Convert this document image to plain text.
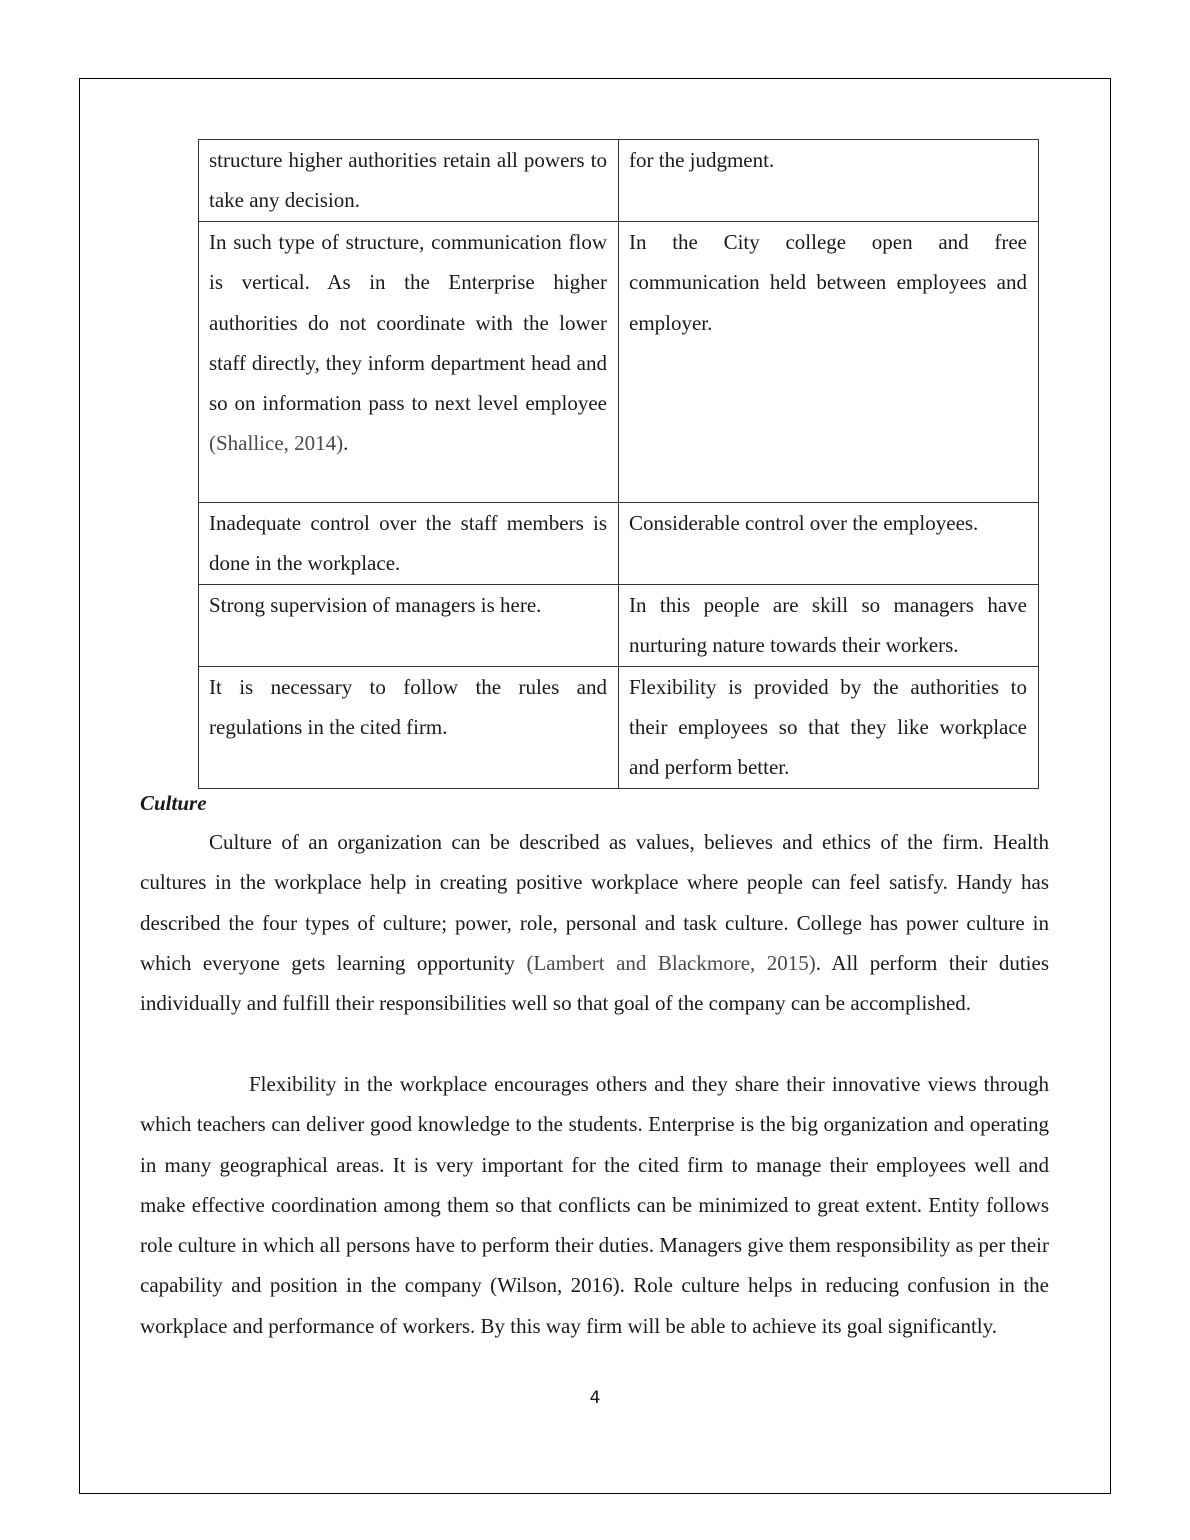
structure higher authorities retain all powers to take any decision.	for the judgment.
In such type of structure, communication flow is vertical. As in the Enterprise higher authorities do not coordinate with the lower staff directly, they inform department head and so on information pass to next level employee (Shallice, 2014).	In the City college open and free communication held between employees and employer.
Inadequate control over the staff members is done in the workplace.	Considerable control over the employees.
Strong supervision of managers is here.	In this people are skill so managers have nurturing nature towards their workers.
It is necessary to follow the rules and regulations in the cited firm.	Flexibility is provided by the authorities to their employees so that they like workplace and perform better.
Culture

Culture of an organization can be described as values, believes and ethics of the firm. Health cultures in the workplace help in creating positive workplace where people can feel satisfy. Handy has described the four types of culture; power, role, personal and task culture. College has power culture in which everyone gets learning opportunity (Lambert and Blackmore, 2015). All perform their duties individually and fulfill their responsibilities well so that goal of the company can be accomplished.

Flexibility in the workplace encourages others and they share their innovative views through which teachers can deliver good knowledge to the students. Enterprise is the big organization and operating in many geographical areas. It is very important for the cited firm to manage their employees well and make effective coordination among them so that conflicts can be minimized to great extent. Entity follows role culture in which all persons have to perform their duties. Managers give them responsibility as per their capability and position in the company (Wilson, 2016). Role culture helps in reducing confusion in the workplace and performance of workers. By this way firm will be able to achieve its goal significantly.

4
